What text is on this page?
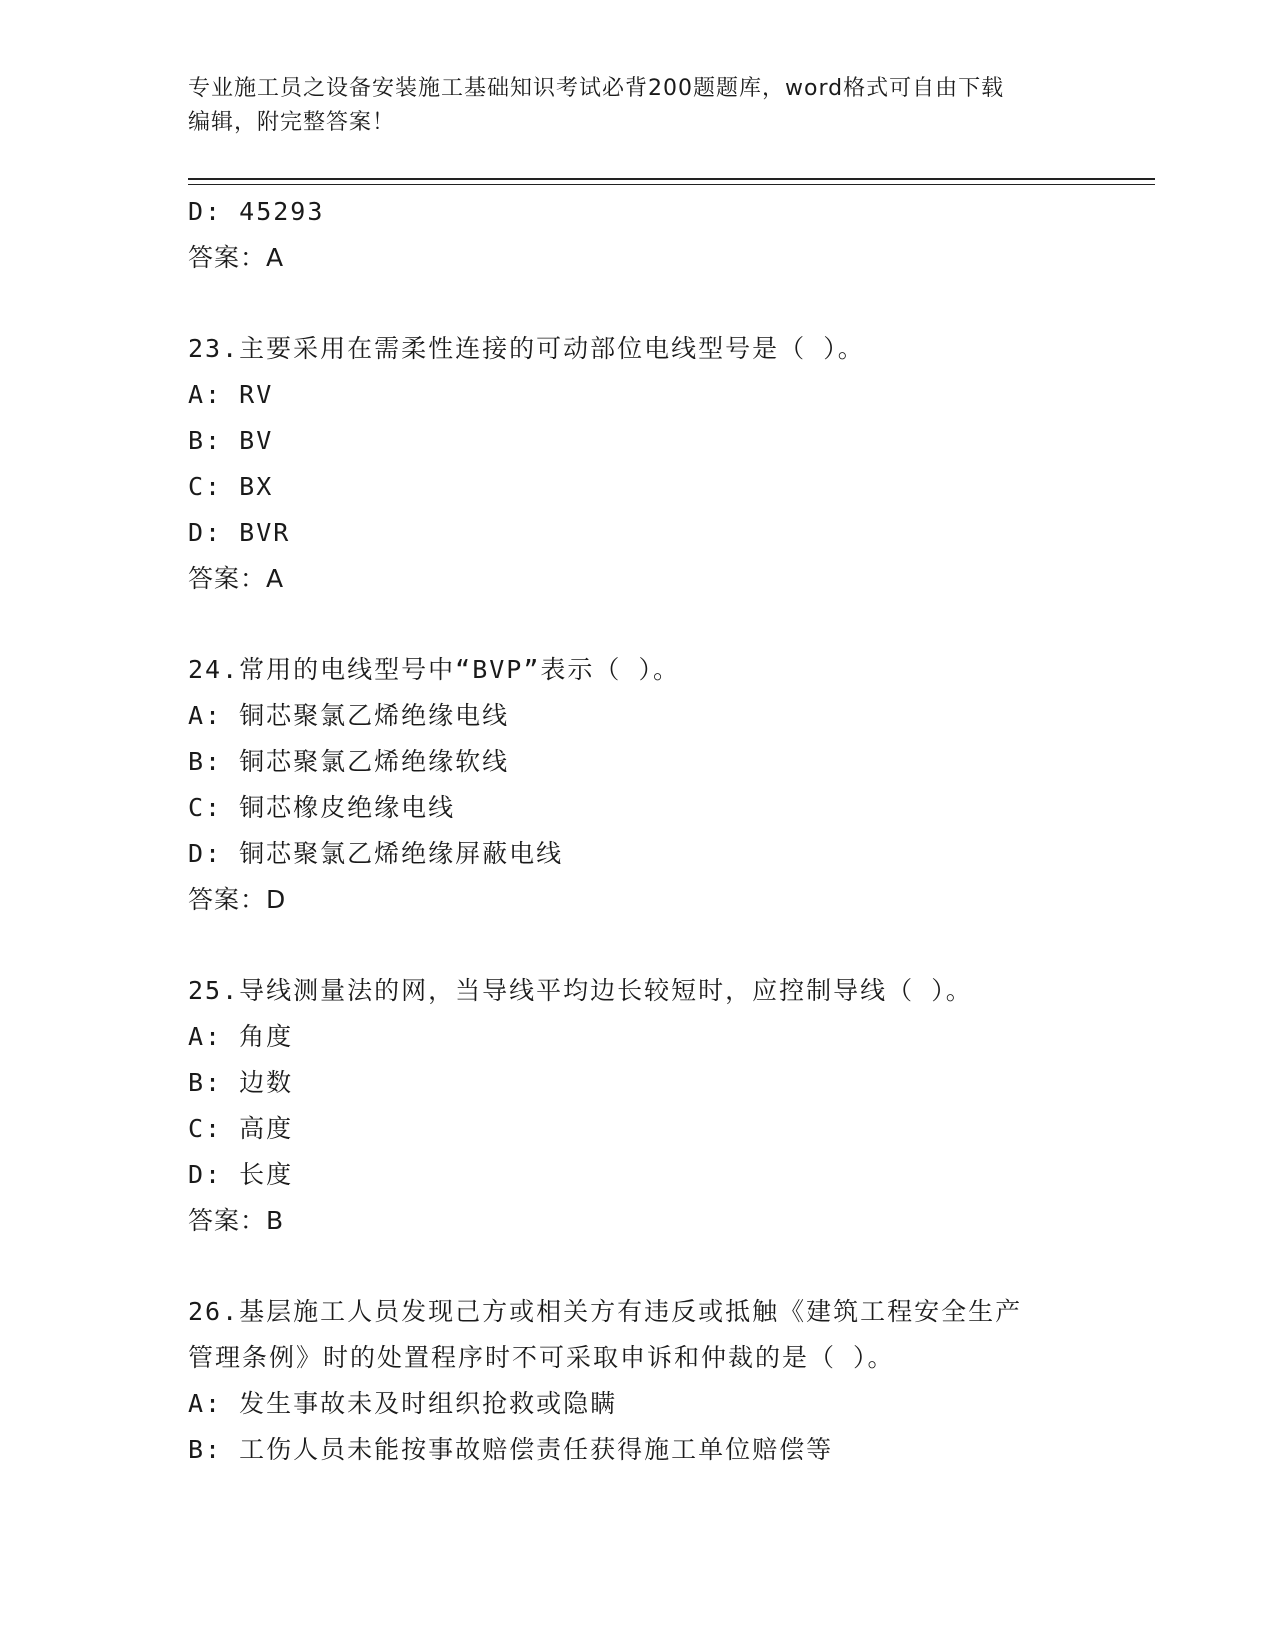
专业施工员之设备安装施工基础知识考试必背200题题库，word格式可自由下载
编辑，附完整答案！
D: 45293
答案：A
23.主要采用在需柔性连接的可动部位电线型号是（ ）。
A: RV
B: BV
C: BX
D: BVR
答案：A
24.常用的电线型号中“BVP”表示（ ）。
A: 铜芯聚氯乙烯绝缘电线
B: 铜芯聚氯乙烯绝缘软线
C: 铜芯橡皮绝缘电线
D: 铜芯聚氯乙烯绝缘屏蔽电线
答案：D
25.导线测量法的网，当导线平均边长较短时，应控制导线（ ）。
A: 角度
B: 边数
C: 高度
D: 长度
答案：B
26.基层施工人员发现己方或相关方有违反或抵触《建筑工程安全生产
管理条例》时的处置程序时不可采取申诉和仲裁的是（ ）。
A: 发生事故未及时组织抢救或隐瞒
B: 工伤人员未能按事故赔偿责任获得施工单位赔偿等
